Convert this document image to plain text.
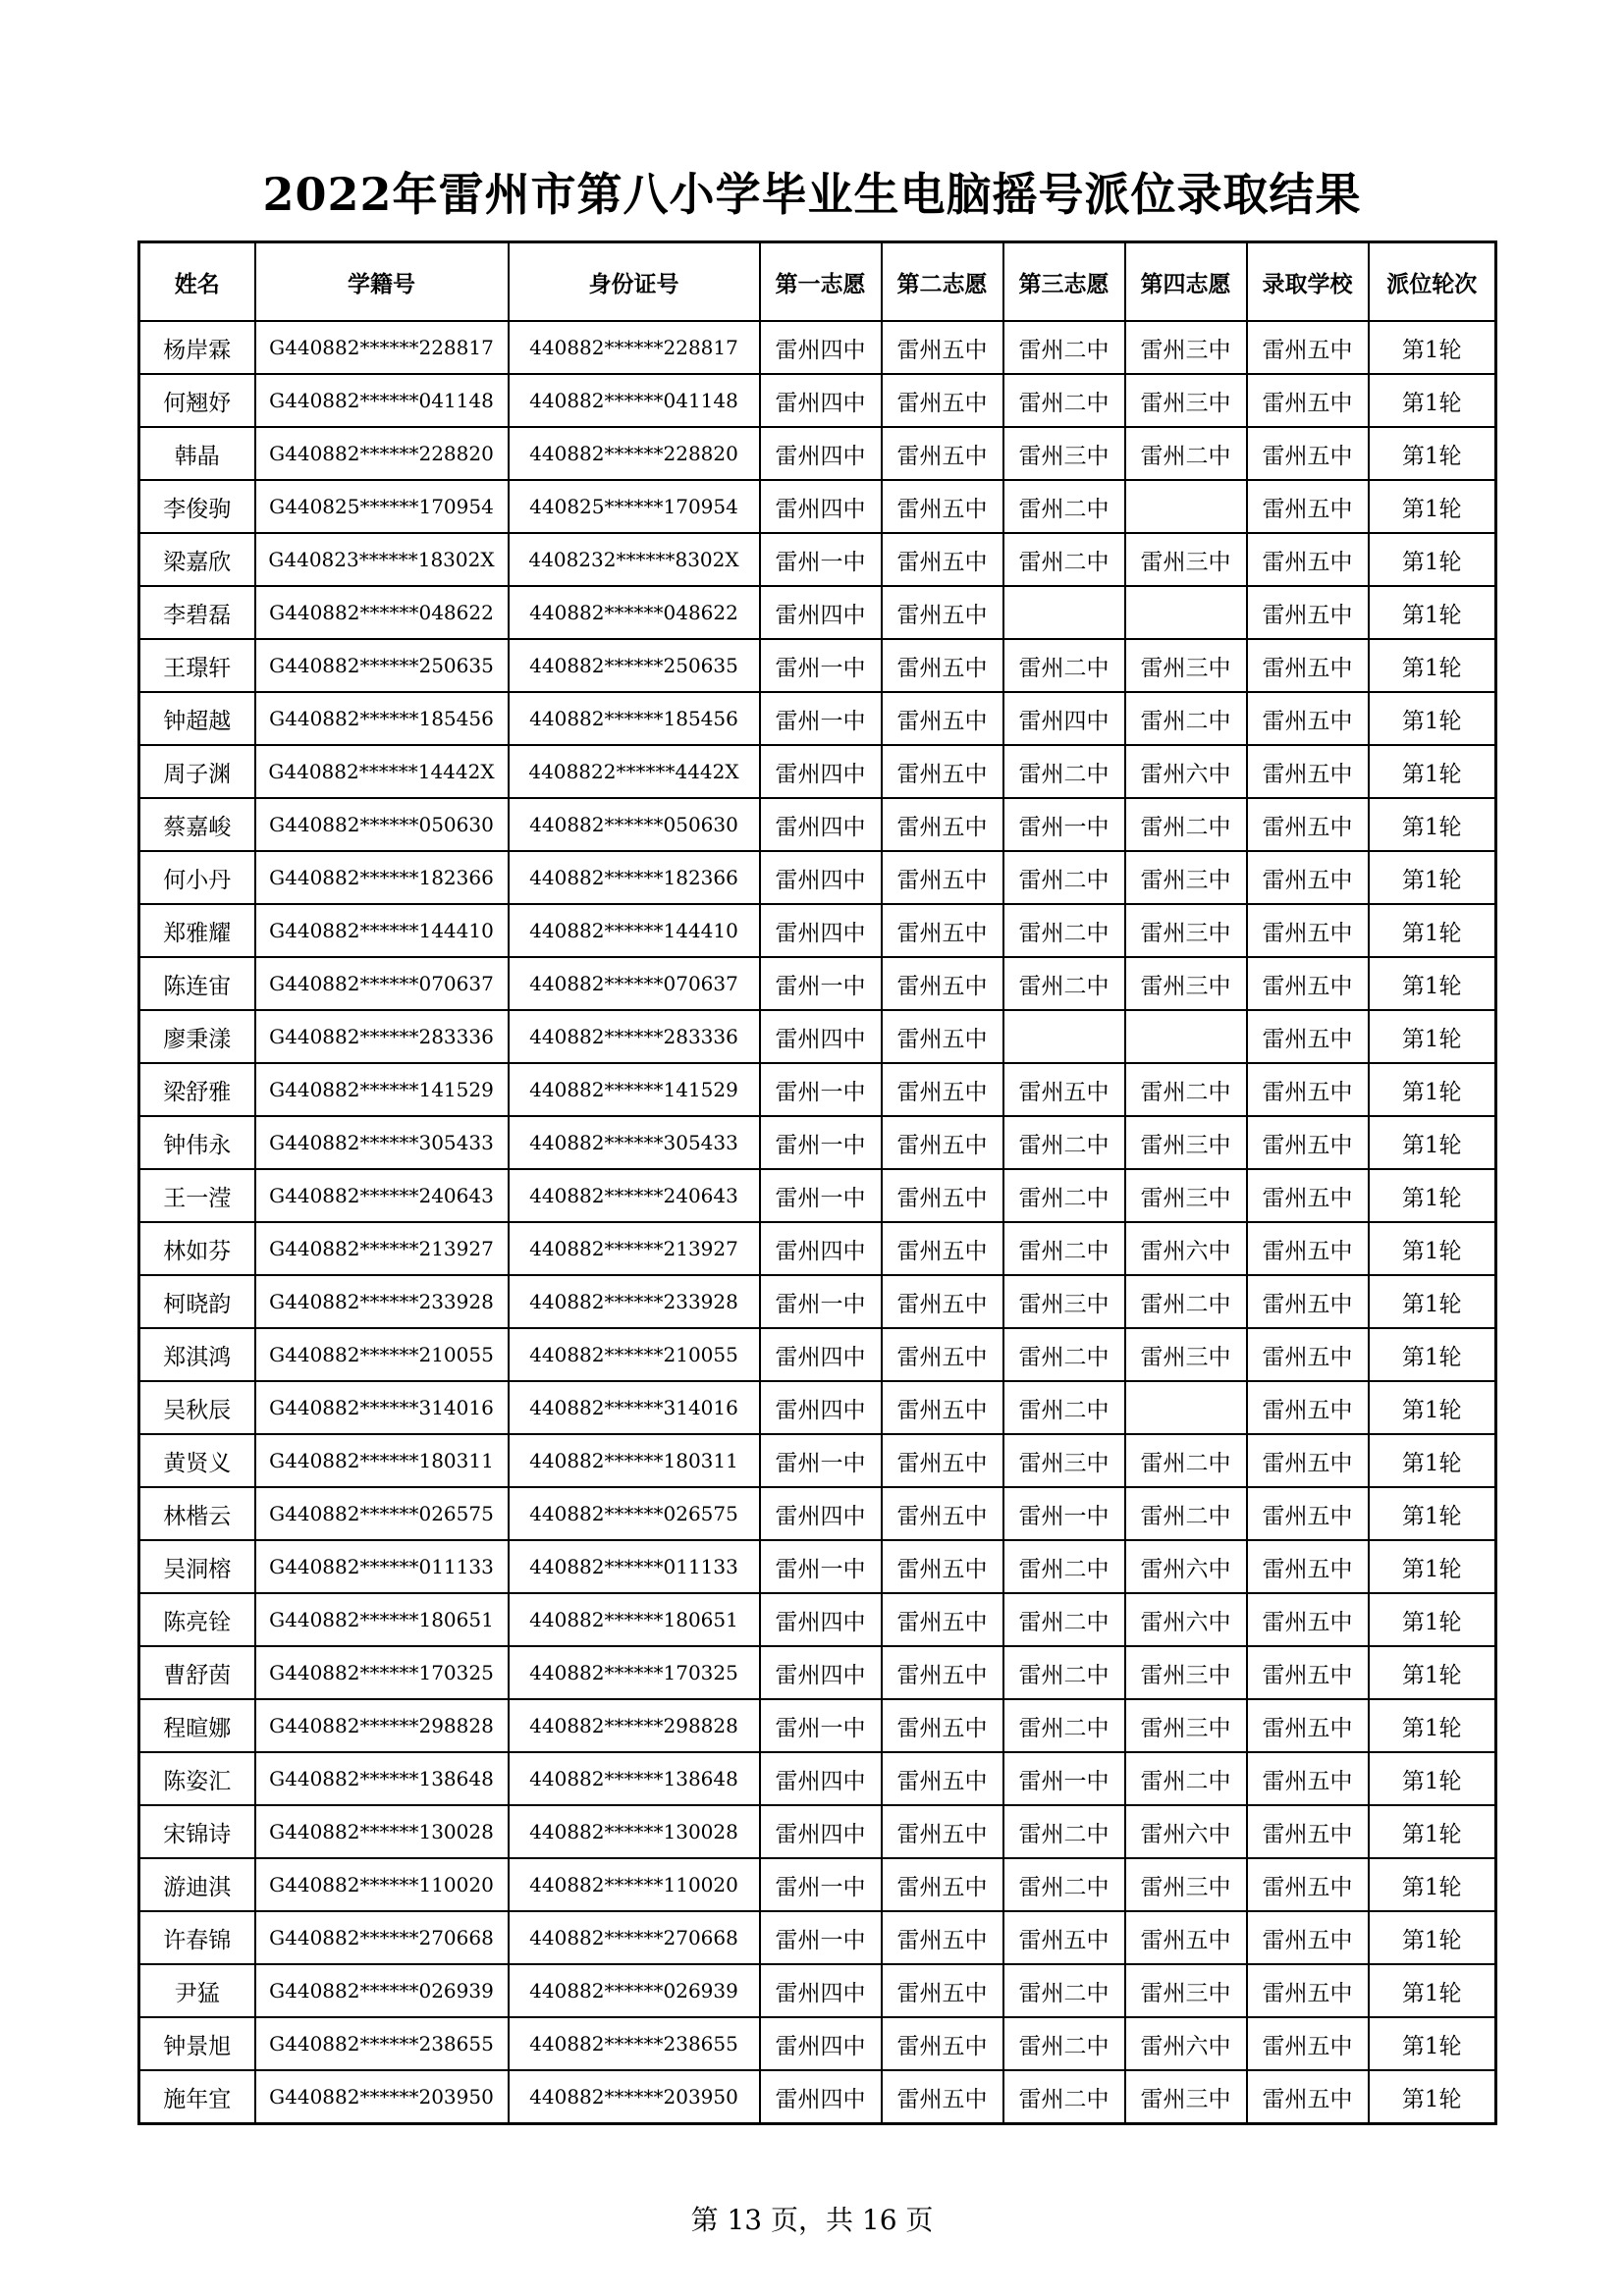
2022年雷州市第八小学毕业生电脑摇号派位录取结果
姓名	学籍号	身份证号	第一志愿	第二志愿	第三志愿	第四志愿	录取学校	派位轮次
杨岸霖	G440882******228817	440882******228817	雷州四中	雷州五中	雷州二中	雷州三中	雷州五中	第1轮
何翘妤	G440882******041148	440882******041148	雷州四中	雷州五中	雷州二中	雷州三中	雷州五中	第1轮
韩晶	G440882******228820	440882******228820	雷州四中	雷州五中	雷州三中	雷州二中	雷州五中	第1轮
李俊驹	G440825******170954	440825******170954	雷州四中	雷州五中	雷州二中		雷州五中	第1轮
梁嘉欣	G440823******18302X	4408232******8302X	雷州一中	雷州五中	雷州二中	雷州三中	雷州五中	第1轮
李碧磊	G440882******048622	440882******048622	雷州四中	雷州五中			雷州五中	第1轮
王璟轩	G440882******250635	440882******250635	雷州一中	雷州五中	雷州二中	雷州三中	雷州五中	第1轮
钟超越	G440882******185456	440882******185456	雷州一中	雷州五中	雷州四中	雷州二中	雷州五中	第1轮
周子渊	G440882******14442X	4408822******4442X	雷州四中	雷州五中	雷州二中	雷州六中	雷州五中	第1轮
蔡嘉峻	G440882******050630	440882******050630	雷州四中	雷州五中	雷州一中	雷州二中	雷州五中	第1轮
何小丹	G440882******182366	440882******182366	雷州四中	雷州五中	雷州二中	雷州三中	雷州五中	第1轮
郑雅耀	G440882******144410	440882******144410	雷州四中	雷州五中	雷州二中	雷州三中	雷州五中	第1轮
陈连宙	G440882******070637	440882******070637	雷州一中	雷州五中	雷州二中	雷州三中	雷州五中	第1轮
廖秉漾	G440882******283336	440882******283336	雷州四中	雷州五中			雷州五中	第1轮
梁舒雅	G440882******141529	440882******141529	雷州一中	雷州五中	雷州五中	雷州二中	雷州五中	第1轮
钟伟永	G440882******305433	440882******305433	雷州一中	雷州五中	雷州二中	雷州三中	雷州五中	第1轮
王一滢	G440882******240643	440882******240643	雷州一中	雷州五中	雷州二中	雷州三中	雷州五中	第1轮
林如芬	G440882******213927	440882******213927	雷州四中	雷州五中	雷州二中	雷州六中	雷州五中	第1轮
柯晓韵	G440882******233928	440882******233928	雷州一中	雷州五中	雷州三中	雷州二中	雷州五中	第1轮
郑淇鸿	G440882******210055	440882******210055	雷州四中	雷州五中	雷州二中	雷州三中	雷州五中	第1轮
吴秋辰	G440882******314016	440882******314016	雷州四中	雷州五中	雷州二中		雷州五中	第1轮
黄贤义	G440882******180311	440882******180311	雷州一中	雷州五中	雷州三中	雷州二中	雷州五中	第1轮
林楷云	G440882******026575	440882******026575	雷州四中	雷州五中	雷州一中	雷州二中	雷州五中	第1轮
吴洞榕	G440882******011133	440882******011133	雷州一中	雷州五中	雷州二中	雷州六中	雷州五中	第1轮
陈亮铨	G440882******180651	440882******180651	雷州四中	雷州五中	雷州二中	雷州六中	雷州五中	第1轮
曹舒茵	G440882******170325	440882******170325	雷州四中	雷州五中	雷州二中	雷州三中	雷州五中	第1轮
程暄娜	G440882******298828	440882******298828	雷州一中	雷州五中	雷州二中	雷州三中	雷州五中	第1轮
陈姿汇	G440882******138648	440882******138648	雷州四中	雷州五中	雷州一中	雷州二中	雷州五中	第1轮
宋锦诗	G440882******130028	440882******130028	雷州四中	雷州五中	雷州二中	雷州六中	雷州五中	第1轮
游迪淇	G440882******110020	440882******110020	雷州一中	雷州五中	雷州二中	雷州三中	雷州五中	第1轮
许春锦	G440882******270668	440882******270668	雷州一中	雷州五中	雷州五中	雷州五中	雷州五中	第1轮
尹猛	G440882******026939	440882******026939	雷州四中	雷州五中	雷州二中	雷州三中	雷州五中	第1轮
钟景旭	G440882******238655	440882******238655	雷州四中	雷州五中	雷州二中	雷州六中	雷州五中	第1轮
施年宜	G440882******203950	440882******203950	雷州四中	雷州五中	雷州二中	雷州三中	雷州五中	第1轮
第 13 页，共 16 页
